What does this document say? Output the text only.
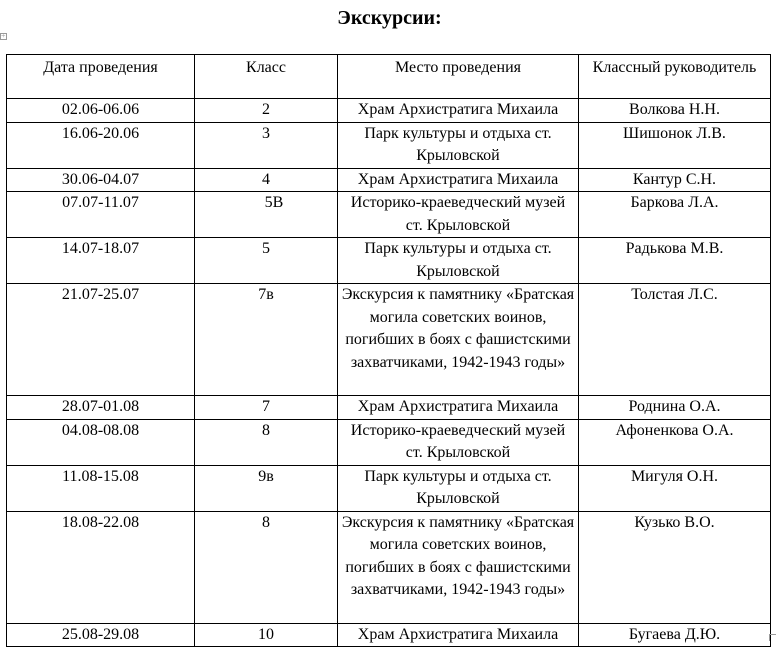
Экскурсии:
+
Дата проведения	Класс	Место проведения	Классный руководитель
02.06-06.06	2	Храм Архистратига Михаила	Волкова Н.Н.
16.06-20.06	3	Парк культуры и отдыха ст. Крыловской	Шишонок Л.В.
30.06-04.07	4	Храм Архистратига Михаила	Кантур С.Н.
07.07-11.07	5В	Историко-краеведческий музей ст. Крыловской	Баркова Л.А.
14.07-18.07	5	Парк культуры и отдыха ст. Крыловской	Радькова М.В.
21.07-25.07	7в	Экскурсия к памятнику «Братская могила советских воинов, погибших в боях с фашистскими захватчиками, 1942-1943 годы»	Толстая Л.С.
28.07-01.08	7	Храм Архистратига Михаила	Роднина О.А.
04.08-08.08	8	Историко-краеведческий музей ст. Крыловской	Афоненкова О.А.
11.08-15.08	9в	Парк культуры и отдыха ст. Крыловской	Мигуля О.Н.
18.08-22.08	8	Экскурсия к памятнику «Братская могила советских воинов, погибших в боях с фашистскими захватчиками, 1942-1943 годы»	Кузько В.О.
25.08-29.08	10	Храм Архистратига Михаила	Бугаева Д.Ю.
